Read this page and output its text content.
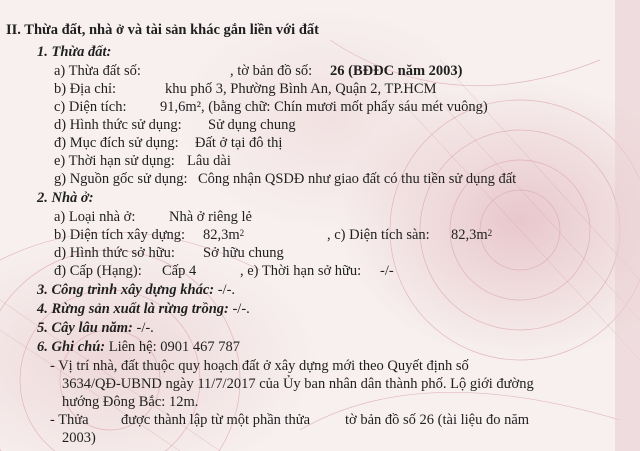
II. Thừa đất, nhà ở và tài sản khác gắn liền với đất
1. Thừa đất:
a) Thừa đất số:	, tờ bản đồ số: 26 (BĐĐC năm 2003)
b) Địa chỉ:	khu phố 3, Phường Bình An, Quận 2, TP.HCM
c) Diện tích: 91,6m², (bằng chữ: Chín mươi mốt phẩy sáu mét vuông)
d) Hình thức sử dụng: Sử dụng chung
đ) Mục đích sử dụng: Đất ở tại đô thị
e) Thời hạn sử dụng: Lâu dài
g) Nguồn gốc sử dụng: Công nhận QSDĐ như giao đất có thu tiền sử dụng đất
2. Nhà ở:
a) Loại nhà ở: Nhà ở riêng lẻ
b) Diện tích xây dựng: $82,3m^2$	, c) Diện tích sàn: $82,3m^2$
d) Hình thức sở hữu: Sở hữu chung
đ) Cấp (Hạng): Cấp 4	, e) Thời hạn sở hữu: -/-
3. Công trình xây dựng khác: -/-.
4. Rừng sản xuất là rừng trồng: -/-.
5. Cây lâu năm: -/-.
6. Ghi chú: Liên hệ: 0901 467 787
- Vị trí nhà, đất thuộc quy hoạch đất ở xây dựng mới theo Quyết định số
3634/QĐ-UBND ngày 11/7/2017 của Ủy ban nhân dân thành phố. Lộ giới đường
hướng Đông Bắc: 12m.
- Thửa được thành lập từ một phần thửa tờ bản đồ số 26 (tài liệu đo năm
2003)
